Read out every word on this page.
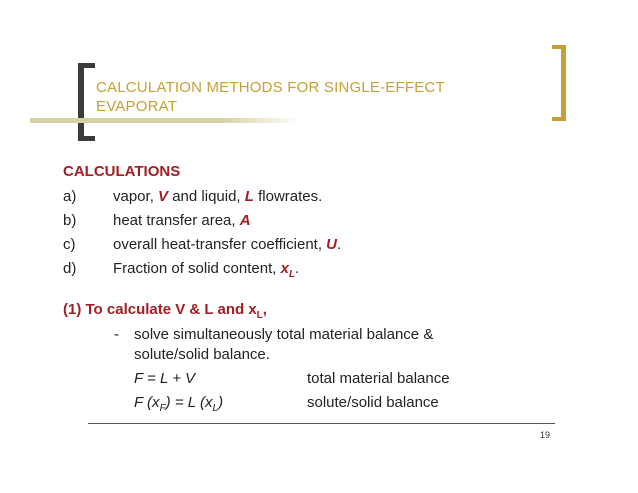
CALCULATION METHODS FOR SINGLE-EFFECT EVAPORAT
CALCULATIONS
a) vapor, V and liquid, L flowrates.
b) heat transfer area, A
c)	overall heat-transfer coefficient, U.
d) Fraction of solid content, $x_L$.
(1) To calculate V & L and $x_L$,
- solve simultaneously total material balance & solute/solid balance.
F = L + V	total material balance
F $(x_F) = L$ $(x_L)$	solute/solid balance
19
